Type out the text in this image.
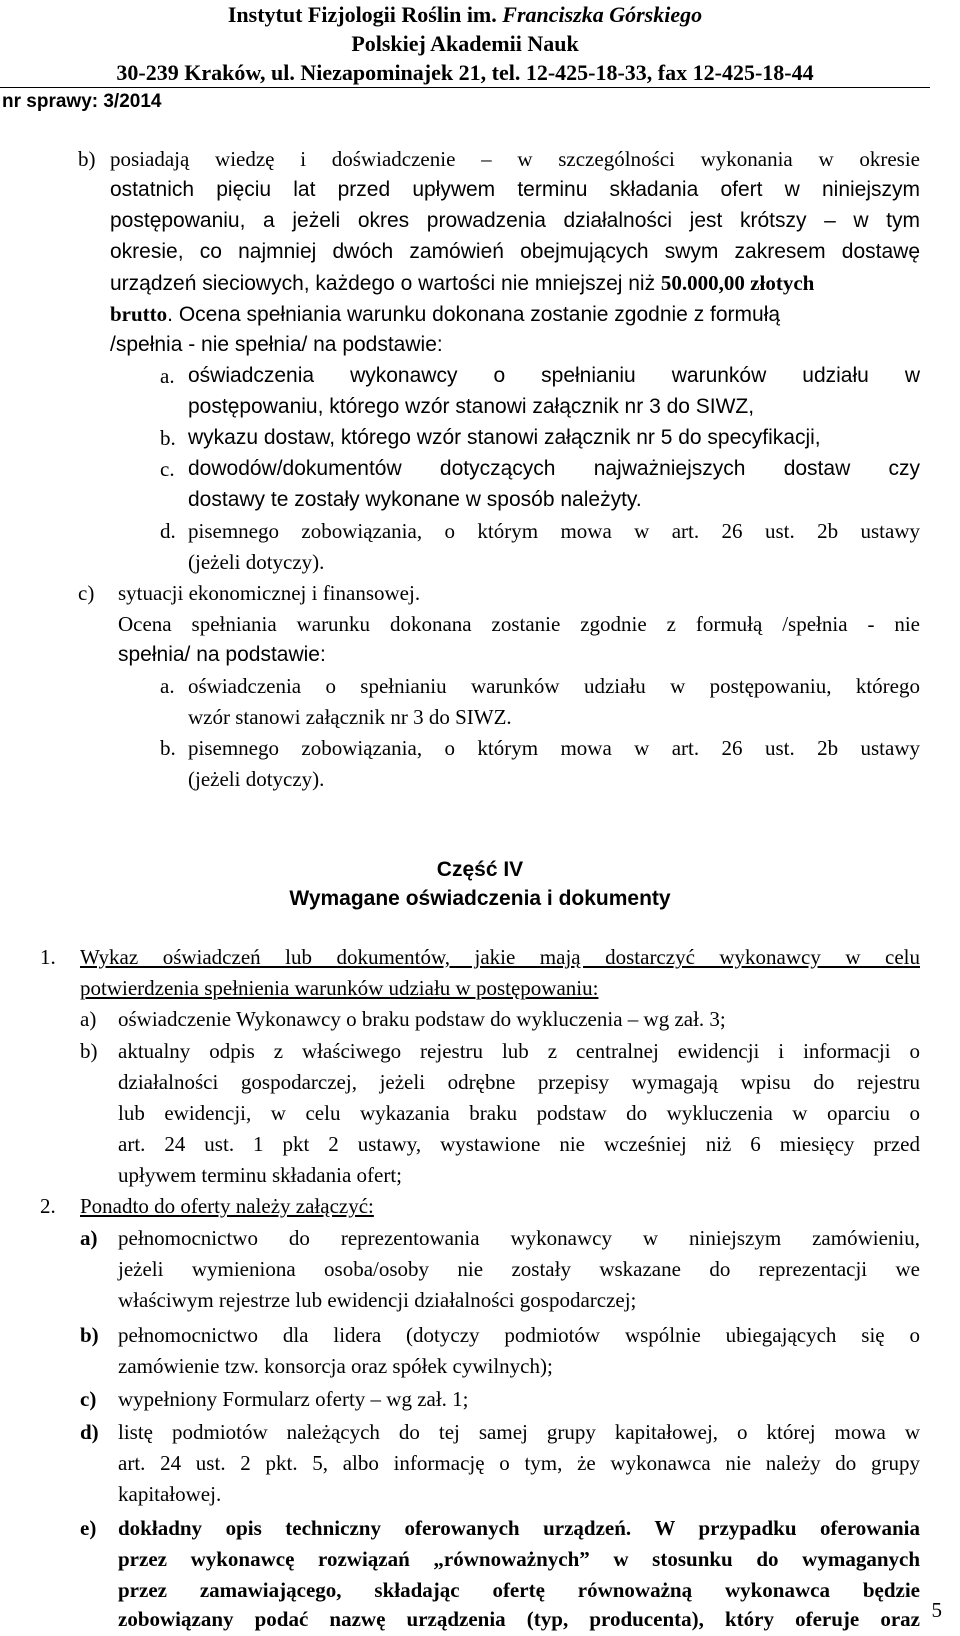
Instytut Fizjologii Roślin im. Franciszka Górskiego
Polskiej Akademii Nauk
30-239 Kraków, ul. Niezapominajek 21, tel. 12-425-18-33, fax 12-425-18-44
nr sprawy: 3/2014
b) posiadają wiedzę i doświadczenie – w szczególności wykonania w okresie
ostatnich pięciu lat przed upływem terminu składania ofert w niniejszym
postępowaniu, a jeżeli okres prowadzenia działalności jest krótszy – w tym
okresie, co najmniej dwóch zamówień obejmujących swym zakresem dostawę
urządzeń sieciowych, każdego o wartości nie mniejszej niż 50.000,00 złotych
brutto. Ocena spełniania warunku dokonana zostanie zgodnie z formułą
/spełnia - nie spełnia/ na podstawie:
a. oświadczenia wykonawcy o spełnianiu warunków udziału w
postępowaniu, którego wzór stanowi załącznik nr 3 do SIWZ,
b. wykazu dostaw, którego wzór stanowi załącznik nr 5 do specyfikacji,
c. dowodów/dokumentów dotyczących najważniejszych dostaw czy
dostawy te zostały wykonane w sposób należyty.
d. pisemnego zobowiązania, o którym mowa w art. 26 ust. 2b ustawy
(jeżeli dotyczy).
c) sytuacji ekonomicznej i finansowej.
Ocena spełniania warunku dokonana zostanie zgodnie z formułą /spełnia - nie
spełnia/ na podstawie:
a. oświadczenia o spełnianiu warunków udziału w postępowaniu, którego
wzór stanowi załącznik nr 3 do SIWZ.
b. pisemnego zobowiązania, o którym mowa w art. 26 ust. 2b ustawy
(jeżeli dotyczy).
Część IV
Wymagane oświadczenia i dokumenty
1. Wykaz oświadczeń lub dokumentów, jakie mają dostarczyć wykonawcy w celu
potwierdzenia spełnienia warunków udziału w postępowaniu:
a) oświadczenie Wykonawcy o braku podstaw do wykluczenia – wg zał. 3;
b) aktualny odpis z właściwego rejestru lub z centralnej ewidencji i informacji o
działalności gospodarczej, jeżeli odrębne przepisy wymagają wpisu do rejestru
lub ewidencji, w celu wykazania braku podstaw do wykluczenia w oparciu o
art. 24 ust. 1 pkt 2 ustawy, wystawione nie wcześniej niż 6 miesięcy przed
upływem terminu składania ofert;
2. Ponadto do oferty należy załączyć:
a) pełnomocnictwo do reprezentowania wykonawcy w niniejszym zamówieniu,
jeżeli wymieniona osoba/osoby nie zostały wskazane do reprezentacji we
właściwym rejestrze lub ewidencji działalności gospodarczej;
b) pełnomocnictwo dla lidera (dotyczy podmiotów wspólnie ubiegających się o
zamówienie tzw. konsorcja oraz spółek cywilnych);
c) wypełniony Formularz oferty – wg zał. 1;
d) listę podmiotów należących do tej samej grupy kapitałowej, o której mowa w
art. 24 ust. 2 pkt. 5, albo informację o tym, że wykonawca nie należy do grupy
kapitałowej.
e) dokładny opis techniczny oferowanych urządzeń. W przypadku oferowania
przez wykonawcę rozwiązań „równoważnych” w stosunku do wymaganych
przez zamawiającego, składając ofertę równoważną wykonawca będzie
zobowiązany podać nazwę urządzenia (typ, producenta), który oferuje oraz 5
